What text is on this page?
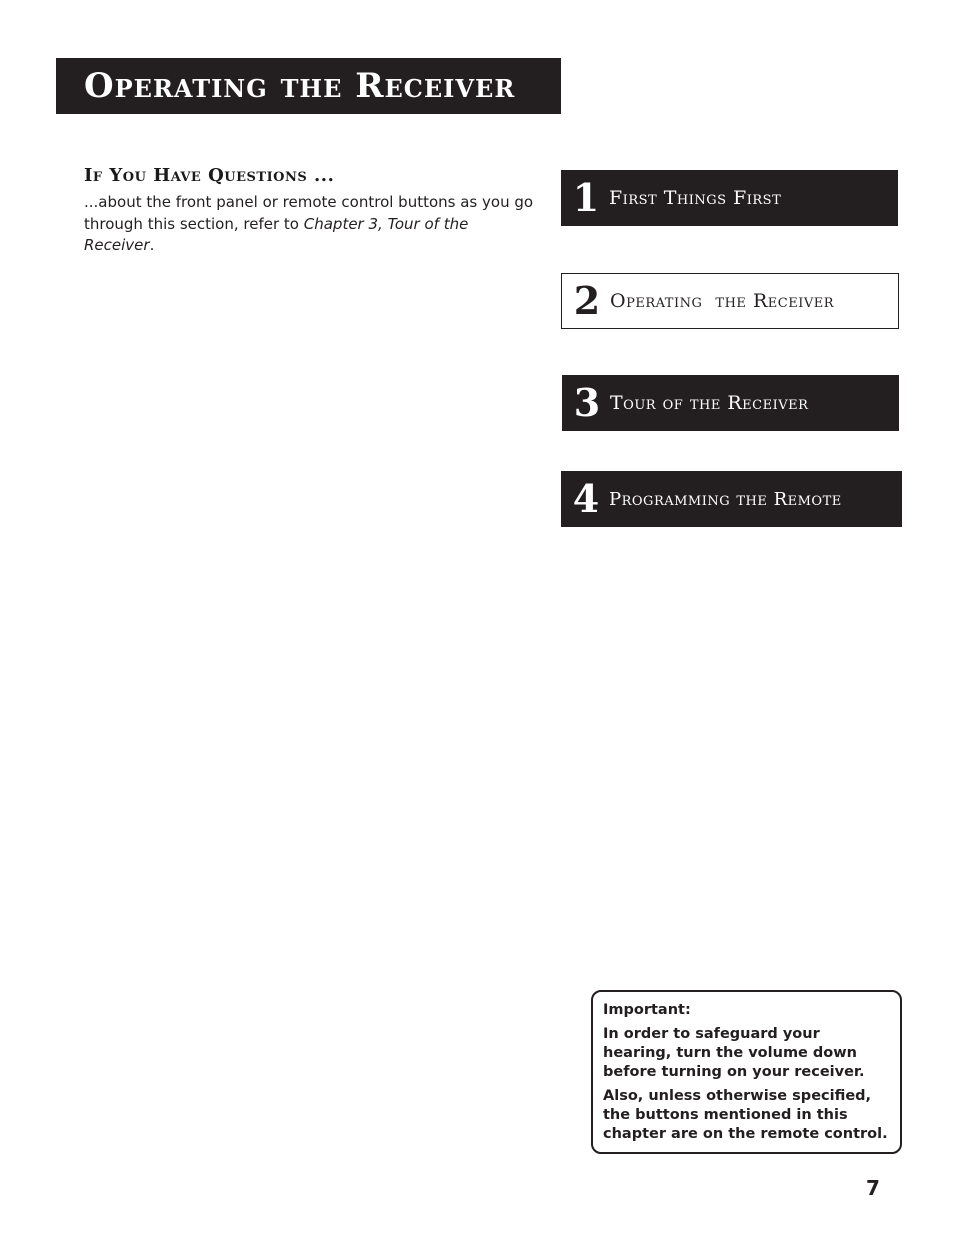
Operating the Receiver
If You Have Questions ...

...about the front panel or remote control buttons as you go through this section, refer to Chapter 3, Tour of the Receiver.

1 First Things First
2 Operating  the Receiver
3 Tour of the Receiver
4 Programming the Remote

Important:

In order to safeguard your hearing, turn the volume down before turning on your receiver.

Also, unless otherwise specified, the buttons mentioned in this chapter are on the remote control.

7
